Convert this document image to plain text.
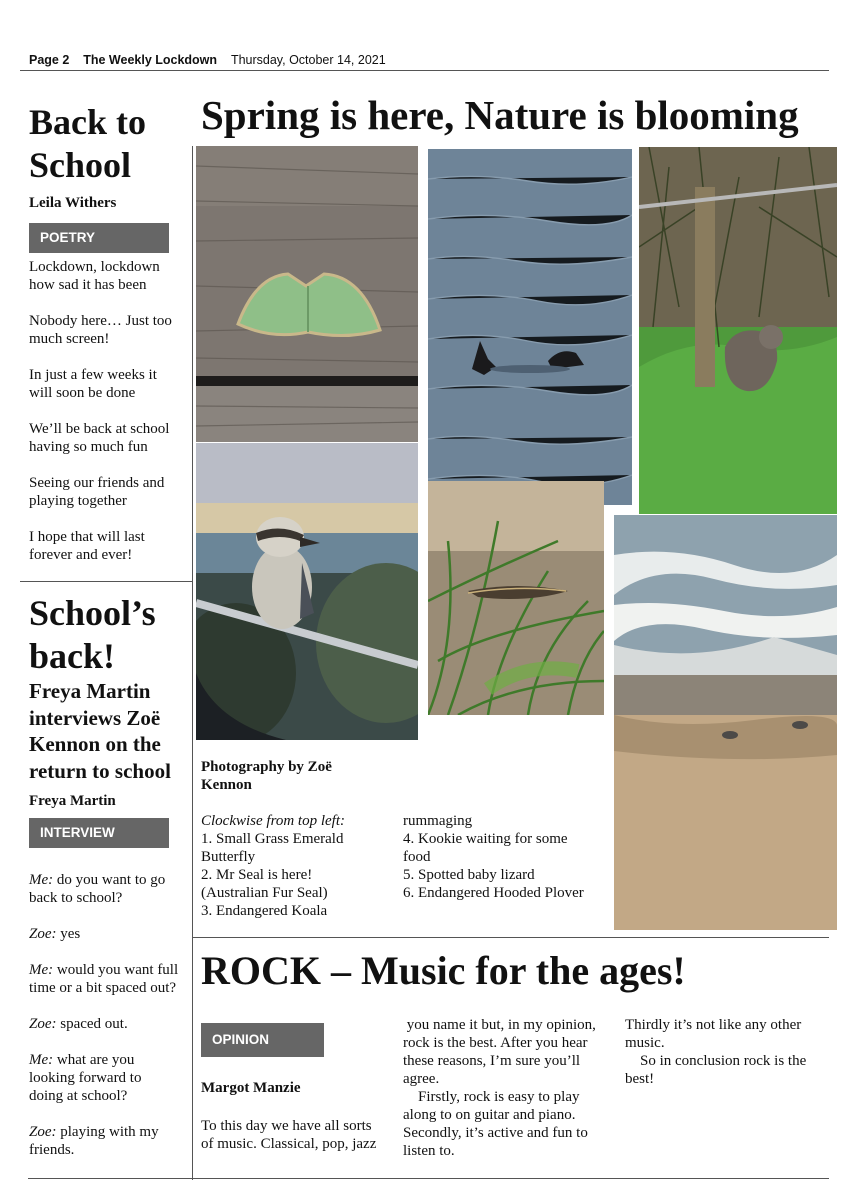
Page 2 The Weekly Lockdown Thursday, October 14, 2021
Back to
School
Leila Withers
POETRY
Lockdown, lockdown
how sad it has been
Nobody here… Just too
much screen!
In just a few weeks it
will soon be done
We’ll be back at school
having so much fun
Seeing our friends and
playing together
I hope that will last
forever and ever!
School’s
back!
Freya Martin
interviews Zoë
Kennon on the
return to school
Freya Martin
INTERVIEW
Me: do you want to go
back to school?
Zoe: yes
Me: would you want full
time or a bit spaced out?
Zoe: spaced out.
Me: what are you
looking forward to
doing at school?
Zoe: playing with my
friends.
Spring is here, Nature is blooming
Photography by Zoë
Kennon
Clockwise from top left:
1. Small Grass Emerald
Butterfly
2. Mr Seal is here!
(Australian Fur Seal)
3. Endangered Koala
rummaging
4. Kookie waiting for some
food
5. Spotted baby lizard
6. Endangered Hooded Plover
ROCK – Music for the ages!
OPINION
Margot Manzie
To this day we have all sorts
of music. Classical, pop, jazz
you name it but, in my opinion,
rock is the best. After you hear
these reasons, I’m sure you’ll
agree.
Firstly, rock is easy to play
along to on guitar and piano.
Secondly, it’s active and fun to
listen to.
Thirdly it’s not like any other
music.
So in conclusion rock is the
best!
